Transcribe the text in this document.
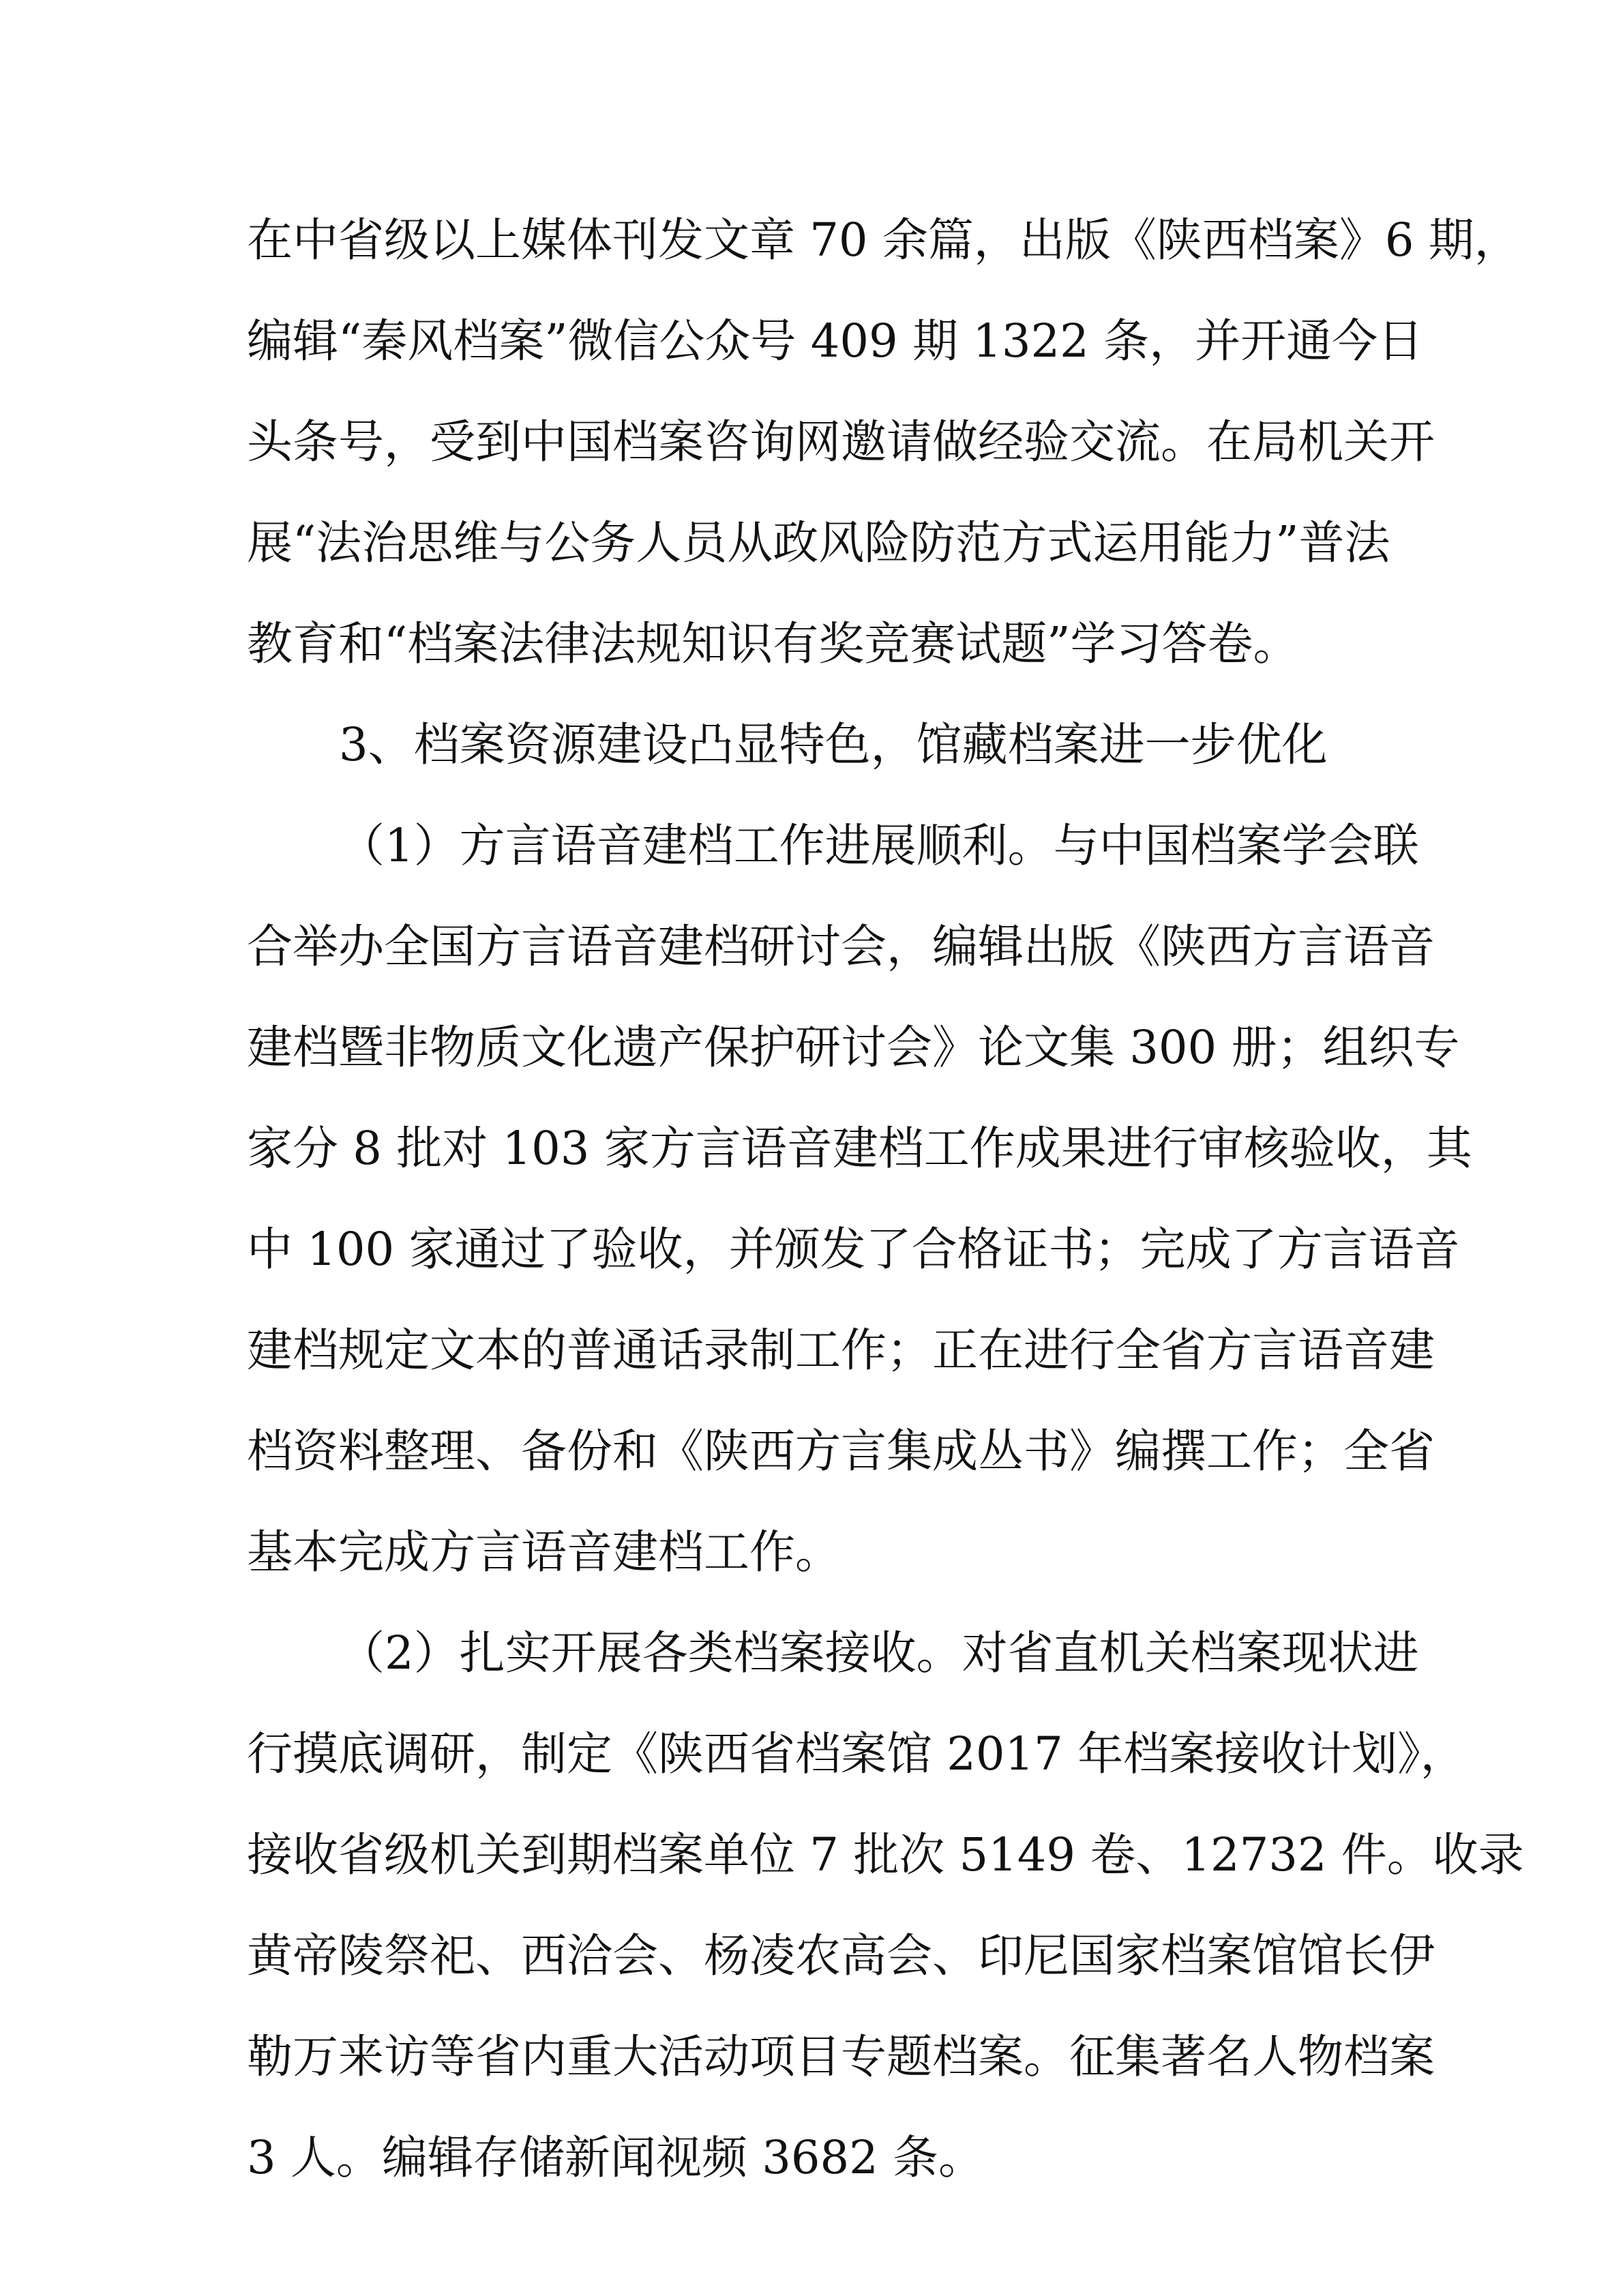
在中省级以上媒体刊发文章 70 余篇，出版《陕西档案》6 期，
编辑“秦风档案”微信公众号 409 期 1322 条，并开通今日
头条号，受到中国档案咨询网邀请做经验交流。在局机关开
展“法治思维与公务人员从政风险防范方式运用能力”普法
教育和“档案法律法规知识有奖竞赛试题”学习答卷。
3、档案资源建设凸显特色，馆藏档案进一步优化
（1）方言语音建档工作进展顺利。与中国档案学会联
合举办全国方言语音建档研讨会，编辑出版《陕西方言语音
建档暨非物质文化遗产保护研讨会》论文集 300 册；组织专
家分 8 批对 103 家方言语音建档工作成果进行审核验收，其
中 100 家通过了验收，并颁发了合格证书；完成了方言语音
建档规定文本的普通话录制工作；正在进行全省方言语音建
档资料整理、备份和《陕西方言集成丛书》编撰工作；全省
基本完成方言语音建档工作。
（2）扎实开展各类档案接收。对省直机关档案现状进
行摸底调研，制定《陕西省档案馆 2017 年档案接收计划》，
接收省级机关到期档案单位 7 批次 5149 卷、12732 件。收录
黄帝陵祭祀、西洽会、杨凌农高会、印尼国家档案馆馆长伊
勒万来访等省内重大活动项目专题档案。征集著名人物档案
3 人。编辑存储新闻视频 3682 条。
